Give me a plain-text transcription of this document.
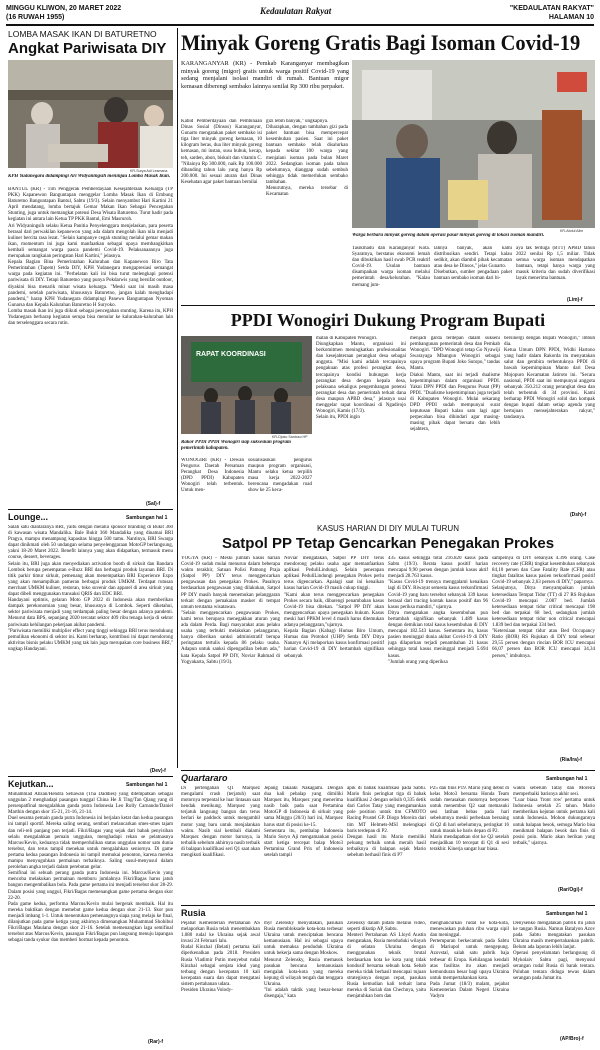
MINGGU KLIWON, 20 MARET 2022
(16 RUWAH 1955)
Kedaulatan Rakyat	"KEDAULATAN RAKYAT"
HALAMAN 10
LOMBA MASAK IKAN DI BATURETNO
Angkat Pariwisata DIY
KR-Surya Adi Lesmana
KPH Yudanegara didampingi Ari Widyaningsih meninjau Lomba Masak Ikan.
BANTUL (KR) - Tim Penggerak Pemberdayaan Kesejahteraan Keluarga (TP PKK) Kapanewon Banguntapan menggelar Lomba Masak Ikan di Embung Baturetno Banguntapan Bantul, Sabtu (19/3). Selain menyambut Hari Kartini 21 April mendatang, lomba bertajuk Gemar Makan Ikan Sebagai Pencegahan Stunting, juga untuk memangkat potensi Desa Wisata Baturetno. Turut hadir pada kegiatan ini antara lain Ketua TP PKK Bantul, Emi Masruroh.
Ari Widyaningsih selaku Ketua Panitia Penyelenggara menjelaskan, para peserta berasal dari perwakilan kepanewon yang ada dalam mengolah ikan nila menjadi kuliner bercita rasa lezat. "Selain kampanye cegah stunting melalui gemar makan ikan, momentum ini juga kami manfaatkan sebagai upaya membangkitkan kembali semangat warga pasca pandemi Covid-19. Pelaksanaannya juga merupakan rangkaian peringatan Hari Kartini," jelasnya.
Kepala Bagian Bina Pemerintahan Kalurahan dan Kapanewon Biro Tata Pemerintahan (Tapem) Setda DIY, KPH Yudanegara mengapresiasi semangat warga pada kegiatan ini. "Perhelatan kali ini bisa turut melengkapi potensi pariwisata di DIY. Tetapi Baturetno yang punya Pokdarwis yang bersifat outdoor, diyakini bisa menarik minat wisata keluarga. "Meski saat ini masih masa pandemi, setelah pariwisata, khususnya Baturetno, jangan kalah menghadapi pandemi," harap KPH Yudanegara didampingi Panewu Banguntapan Nyoman Gunarsa dan Kepala Kalurahan Baturetno H Suryoko.
Lomba masak ikan ini juga diikuti sebagai pencegahan stunting. Karena itu, KPH Yudanegara berharap kegiatan serupa bisa menular ke kalurahan-kalurahan lain dan terselenggara secara rutin.
(Sal)-f
Minyak Goreng Gratis Bagi Isoman Covid-19
KARANGANYAR (KR) - Pemkab Karanganyar membagikan minyak goreng (migor) gratis untuk warga positif Covid-19 yang sedang menjalani isolasi mandiri di rumah. Bantuan migor kemasan diberengi sembako lainnya senilai Rp 300 ribu perpaket.
KR-Abdul Alim
Kabid Pemberdayaan dan Pembinaan Dinas Sosial (Dinsos) Karanganyar, Gunarto mengatakan paket sembako isi tiga liter minyak goreng kemasan, 10 kilogram beras, dua liter minyak goreng kemasan, mi instan, susu bubuk, kecap, teh, sarden, abon, biskuit dan vitamin C. "Nilainya Rp 300.000, naik Rp 100.000 dibanding tahun lalu yang hanya Rp 200.000. Ini sesuai aturan dari Dinas Kesehatan agar paket bantuan bernilai
gizi lebih banyak," ungkapnya.
Diharapkan, dengan tambahan gizi pada paket bantuan bisa mempercepat kesembuhan pasien. Saat ini paket bantuan sembako telah disalurkan kepada sekitar 100 warga yang menjalani isoman pada bulan Maret 2022. Sedangkan isoman pada tahun sebelumnya, dianggap sudah sembuh sehingga tidak memerlukan sembako tambahan.
Menurutnya, mereka tersebar di Kecamatan
Warga berbaru minyak goreng dalam operasi pasar minyak goreng di lokasi isoman mandiri.
Tasikmadu dan Karanganyar Kota. Syaratnya, berstatus ekonomi lemah dan dibuktikan hasil swab PCR reaktif Covid-19. Usulan bantuan disampaikan warga isoman melalui pemerintah desa/kelurahan. "Kalau memang jum-
lahnya banyak, akan kami distribusikan sendiri. Tetapi kalau sedikit, akan diambil pihak kecamatan atau desa ke Dinsos," jelas Gunarto.
Disebutkan, sumber pengadaan paket bantuan sembako isoman dari bi-
aya tak terduga (BTT) APBD tahun 2022 senilai Rp 1,5 miliar. Tidak semua warga isoman mendapatkan bantuan, tetapi hanya warga yang masuk kriteria dan sudah diverifikasi layak menerima bantuan.
(Lim)-f
PPDI Wonogiri Dukung Program Bupati
RAPAT KOORDINASI
KR-Djoko Santoso HP
Rakor PPDI PPDI Wonogiri siap sukseskan program pemerintah kabupaten.
WONOGIRI (KR) - Dewan Pengurus Daerah Persatuan Perangkat Desa Indonesia (DPD PPDI) Kabupaten Wonogiri telah terbentuk. Untuk men-
sosialisasikan pengurus maupun program organisasi, Mantu selaku ketua terpilih masa kerja 2022-2027 berencana mengadakan road show ke 25 keca-
matan di Kabupaten Wonogiri.
Diungkapkan Mantu, organisasi ini berkomitmen meningkatkan profesionalitas dan kesejahteraan perangkat desa sebagai anggota. "Misi kami adalah tercapainya pengakuan atas profesi perangkat desa, tercapainya kondisi hubungan kerja perangkat desa dengan kepala desa, pelaksana sekaligus pengembangan potensi perangkat desa dan pemerintah terkait dana desa maupun APBD desa," jelasnya usai menggelar rapat koordinasi di Ngadirojo Wonogiri, Kamis (17/3).
Selain itu, PPDI ingin
menjadi garda terdepan dalam sukseni pembangunan pemerintah desa dan Pemkab Wonogiri. "DPD Wonogiri tetap Go Nyawiji Swarayaga Mbangun Wonogiri sebagai upaya program Bupati Joko Sutopo," tandas Mantu.
Diakui Mantu, saat ini terjadi dualisme kepemimpinan dalam organisasi PPDI. Yakni DPN PPDI dan Pengurus Pusat (PP) PPDI. "Dualisme kepemimpinan juga terjadi di Kabupaten Wonogiri. Mulai sekarang DPD PPDI sudah mempunyai surat keputusan Bupati kalau satu lagi agar perpecahan bisa dihindari agar masing-masing pihak dapat bersatu dan lebih sejahtera,
bersinergi dengan Bupati Wonogiri," imbuh dia.
Ketua Umum DPN PPDI, Widhi Hartono yang hadir dalam Rakorda itu menyatakan salut dan gembira terbentuknya PPDI di bawah kepemimpinan Manto dari Desa Mojopuro Kecamatan Jatiroto ini. "Secara nasional, PPDI saat ini mempunyai anggota sebanyak 350.212 orang perangkat desa dan telah terbentuk di 34 provinsi. Kami berharap PPDI Wonogiri solid dan kompak dengan bupati dalam setiap agenda yang bertujuan mensejahterakan rakyat," tandasnya.
(Dsh)-f
KASUS HARIAN DI DIY MULAI TURUN
Satpol PP Tetap Gencarkan Penegakan Prokes
YOGYA (KR) - Meski jumlah kasus harian Covid-19 sudah mulai menurun dalam beberapa waktu terakhir, Satuan Polisi Pamong Praja (Satpol PP) DIY terus menggencarkan pengawasan dan penegakan Prokes. Pasalnya berdasarkan pengawasan yang dilakukan, Satpol PP DIY masih banyak menemukan pelanggaran terkait dengan pemakaian masker di tempat umum terutama wisatawan.
"Selain menggencarkan pengawasan Prokes, kami terus berupaya menegakkan aturan yang ada dalam Perda. Bagi masyarakat atau pelaku usaha yang terbukti melakukan pelanggaran, hanya diberikan sanksi administratif berupa peringatan tertulis kepada 86 pelaku usaha. Adapun untuk sanksi dipengadilan belum ada," kata Kepala Satpol PP DIY, Noviar Rahmad di Yogyakarta, Sabtu (19/3).
Noviar mengatakan, Satpol PP DIY terus mendorong pelaku usaha agar memanfaatkan aplikasi PeduliLindungi. Selain penerapan aplikasi PeduliLindungi penegakan Prokes perlu terus digencarkan. Apalagi saat ini kenaikan kasus harian Covid-19 masih cukup tinggi.
"Kami akan terus menggencarkan penegakan Prokes secara baik, dibarengi penambahan kasus Covid-19 bisa ditekan. "Satpol PP DIY akan menggencarkan upaya penegakan hukum. Kasus meski hari PPKM level 4 masih harus ditemukan adanya pelanggaran,"ujarnya.
Kepala Bagian (Kabag) Humas Biro Umum, Humas dan Protokol (UHP) Setda DIY Ditya Nanaryo Aji melaporkan kasus konfirmasi positif harian Covid-19 di DIY bertambah signifikan sebanyak
435 kasus sehingga total 216.820 kasus pada Sabtu (19/3). Rerata kasus positif harian mencapai 9,90 persen dengan jumlah kasus aktif menjadi 28.763 kasus.
"Kasus Covid-19 trennya menggalami kenaikan lagi di DIY. Riwayat semesta kasus terkonfirmasi Covid-19 yang baru tersebut sebanyak 339 kasus berasal dari tracing kontak kasus positif dan 96 kasus periksa mandiri," ujarnya.
Ditya mengatakan angka kesembuhan pun bertambah signifikan sebanyak 1.489 kasus dengan demikian total kasus kesembuhan di DIY mencapai 182.543 kasus. Sementara itu, kasus pasien meninggal dunia akibat Covid-19 di DIY juga dilaporkan terjadi penambahan 21 kasus sehingga total kasus meninggal menjadi 5.694 kasus.
"Jumlah orang yang diperiksa
sampelnya di DIY sebanyak 4.396 orang. Case recovery rate (CRR) tingkat kesembuhan sebanyak 84,10 persen dan Case Fatality Rate (CFR) atau tingkat fatalitas kasus pasien terkonfirmasi positif Covid-19 sebanyak 2,63 persen di DIY," paparnya.
Selanjutnya, Ditya menyampaikan jumlah ketersediaan Tempat Tidur (TT) di 27 RS Rujukan Covid-19 mencapai 2.087 bed. Jumlah ketersediaan tempat tidur critical mencapai 198 bed dan terpakai 68 bed, sedangkan jumlah ketersediaan tempat tidur non critical mencapai 1.839 bed dan terpakai 334 bed.
"Ketersiaan tempat tidur atau Bed Occupancy Ratio (BOR) RS Rujukan di DIY total sebesar 29,55 persen dengan rincian BOR ICU mencapai 66,07 persen dan BOR ICU mencapai 34,34 persen," imbuhnya.
(Ria/Ira)-f
Lounge...	Sambungan hal 1
Salah satu diantaranya BRI, yaitu dengan melalui sponsor branding di Bukit 360 di kawasan wisata Mandalika. Bale Bukit 360 Mandalika yang dinamai BRI Pragya, mampu menampung kapasitas hingga 500 tamu. Nantinya, BRI Swarga dapat dinikmati oleh 50 undangan selama penyelenggaraan MotoGP berlangsung, yakni 18-20 Maret 2022. Benefit lainnya yang akan didapatkan, termasuk menu course, dessert, beverages.
Selain itu, BRI juga akan menyediakan activation booth di sirkuit dan Bandara Lombok berupa penempatan e-Buzz BRI dan berbagai produk layanan BRI. Di titik parkir timur sirkuit, pemenang akan menempatkan BRI Experience Expo yang akan menampilkan pameran berbagai produk UMKM. Terdapat rutusan merchant UMKM kuliner, restoran, toko suvenir dan apparel di area sirkuit yang dapat dibeli menggunakan transaksi QRIS dan EDC BRI.
Handayani optimis, gelaran Moto GP 2022 di Indonesia akan memberikan dampak perekonomian yang besar, khususnya di Lombok. Seperti diketahui, sektor pariwisata menjadi yang terdampak paling besar dengan adanya pandemi. Menurut data BPS, sepanjang 2020 tercatat sektor 409 ribu tenaga kerja di sektor pariwisata kehilangan pekerjaan akibat pandemi.
"Pariwisata memiliki multiplier effect yang tinggi sehingga BRI terus mendukung pemulihan ekonomi di sektor ini. Kami berharap, kontribusi ini dapat mendorong aktivitas bisnis pelaku UMKM yang tak lain juga merupakan core business BRI," ungkap Handayani.
(Dev)-f
Kejutkan...	Sambungan hal 1
Muhammad Abzan/Hendra Setiawan (Tha Daddies) yang ditempatkan sebagai unggulan 2 menghadapi pasangan tunggal China He Ji Ting/Tan Qiang yang di persenpatfinal mengalahkan ganda putra Indonesia Leo Rolly Carnando/Daniel Marthin dengan skor 15-21, 21-16, 21-14.
Duel sesama pemain ganda putra Indonesia ini berjalan ketat dan kedua pasangan ini tampil sportif. Mereka saling serang, sembari melancarkan smes-smes tajam dan reli-reli panjang pun terjadi. Fikri/Bagas yang sejak dari babak penyisihan selalu mengalahkan pemain unggulan, menghadapi rekan se pelatnasnya Marcus/Kevin, keduanya tidak memperdulikan status unggulan nomor satu dunia tersebut, dan terus tampil menekan untuk mengalahkan seniornya. Di game pertama kedua pasangan Indonesia ini tampil memukai penonton, karena mereka mampu menyuguhkan permainan terbaiknya. Saling susul-menyusul dalam perolehan angka terjadi dalam perebutan gelar.
Semifinal ini sebuah perang ganda putra Indonesia ini. Marcus/Kevin yang mencoba melakukan permainan memburu jumlahnya Fikri/Bagas harus jatuh bangun mengembalikan bola. Pada game pertama ini menjadi tersebut skor 28-29. Dalam posisi yang unggul, Fikri/Bagas memenangkan game pertama dengan skor 22-20.
Pada game kedua, performa Marcus/Kevin mulai bergerak membaik. Hal itu mereka buktikan dengan memebut game kedua dengan skor 21-13. Skor pun menjadi imbang 1-1. Untuk menentukan pemenangnya siapa yang melaju ke final, dilanjutkan pada game ketiga yang akhirnya dimenangkan Muhammad Shohibul Fikri/Bagas Maulana dengan skor 21-16. Setelah memenangkan laga semifinal tersebut atas Marcus/Kevin, pasangan Fikri/Bagas pun langsung menuju lapangan sebagai tanda syukur dan memberi hormat kepada penonton.
(Rar)-f
Quartararo	Sambungan hal 1
Di pertengahan Q1 Marquez mengalami crash (terjatuh) saat motornya terpental ke luar lintasan saat hendak menikung. Marquez yang terjatuh langsung bangun dan terus berlari ke paddock untuk mengambil motor yang baru untuk menjalankan waktu. Nasib sial kembali dialami Marquez dengan motor barunya, ia terbalik sebelum akhirnya nasib terbaik di balapan kualifikasi seri Q1 saat akan mengikuti kualifikasi.
Jepang Takaaki Nakagami. Dengan dua kali pebalap yang dimiliki Marquez itu, Marquez yang menerima nasib baik pada saat Pertamina MotoGP di Indonesia di sirkuit yang sama Minggu (20/3) hari ini, Marquez harus start di posisi ke-15.
Sementara itu, pembalap Indonesia Mario Suryo Aji mengamankan posisi start ketiga tercepat balap Moto3 Pertamina Grand Prix of Indonesia setelah tampil
apik di babak kualifikasi pada Sabtu. Mario finis peringkat tiga di babak kualifikasi 2 dengan selisih 0,335 detik dari Carlos Tatay yang mengamankan pole position untuk tim CFMOTO Racing Prustel GP. Diogo Moreira dari tim MT Helmets-MSI melengkapi baris terdepan di P2.
Dengan hasil itu Mario memiliki peluang terbaik untuk meraih hasil terbaiknya di balapan sejak Mario sebelum berhasil finis di P7
P25 dan finis P19. Mario yang debut di kelas Moto3 bersama Honda Team sudah merasakan motornya berproses untuk menembus Q2 saat memasuki sesi latihan bebas pada hari sebelumnya meski perbedaan bersaing di Q2 di hari sebelumnya, peringkat 16 untuk masuk ke baris depan di P2.
Mario mendapatkan slot ke Q2 setelah menjadikan 10 tercepat di Q1 di sesi terakhir. Kinerja sangat luar biasa.
waktu sebelum Tatay dan Moreira memperbaiki barisnya akhir sesi.
"Luar biasa 'front row' pertama untuk Indonesia setelah 25 tahun. Mario memberikan kejutan untuk pertama kali untuk Indonesia. Mohon dukungannya untuk balapan besok, semoga Mario bisa menikmati balapan besok dan finis di posisi poin. Mario akan berikan yang terbaik," ujarnya.
(Rar/Ogi)-f
Rusia	Sambungan hal 1
Pejabat Kementerian Pertahanan AS melaporkan Rusia telah menembakkan 1.080 rudal ke Ukraina sejak awal invasi 24 Februari lalu.
Rudal Kinzhal (Belati) pertama kali diperkenalkan pada 2018. Presiden Rusia Vladimir Putin menyebut rudal Kinzhal sebagai senjata ideal yang terbang dengan kecepatan 10 kali kecepatan suara dan dapat mengatasi sistem pertahanan udara.
Presiden Ukraina Volody-
myr Zelensky menyatakan, pasukan Rusia membloksade kota-kota terbesar Ukraina untuk menciptakan bencana kemanusiaan. Hal ini sebagai upaya untuk memaksa penduduk Ukraina untuk bekerja sama dengan Moskow.
Menurut Zelensky, Rusia memasok pasukan bencana kemanusiaan mengalak kota-kota yang mereka kepung di wilayah tengah dan tenggara Ukraina.
"Ini adalah taktik yang benar-benar disengaja," kata
Zelensky dalam pidato melalui video, seperti dikutip AP, Sabtu.
Menteri Pertahanan AS Lloyd Austin mengatakan, Rusia menduduki wilayah di selatan Ukraina dengan menggunakan teknik brutal berdasarkan kota ke kota yang tidak kondusif bersama sebuah kota. Sebab mereka tidak berhasil mencapai tujuan strategisnya dengan cepat, pasukan Rusia kemudian kali terkait lama mereka di Suriah dan Chechnya, yaitu menjatuhkan bom dan
menghancurkan rudal ke kota-kota, menewaskan puluhan ribu warga sipil dan meninggal.
Pertempuran berkecamuk pada Sabtu di Mariupol untuk mengepung. Azovstal, salah satu pabrik baja terbesar di Eropa. Kehilangan kendali atas fasilitas itu akan menjadi kemunduran besar bagi upaya Ukraina untuk mempertahankan kota.
Pada Jumat (18/3) malam, pejabat Kementerian Dalam Negeri Ukraina Vadym
Denysenko mengatakan pabrik itu jatuh ke tangan Rusia. Namun Batalyon Azov pada Sabtu mengatakan pasukan Ukraina masih mempertahankan pabrik. Belum ada laporan lebih lanjut.
Operasi penyelamatan berlangsung di Mykolaiv Sabtu pagi, menyusul serangan rudal Rusia di barak tentara. Puluhan tentara diduga tewas dalam serangan pada Jumat itu.
(AP/Bro)-f
